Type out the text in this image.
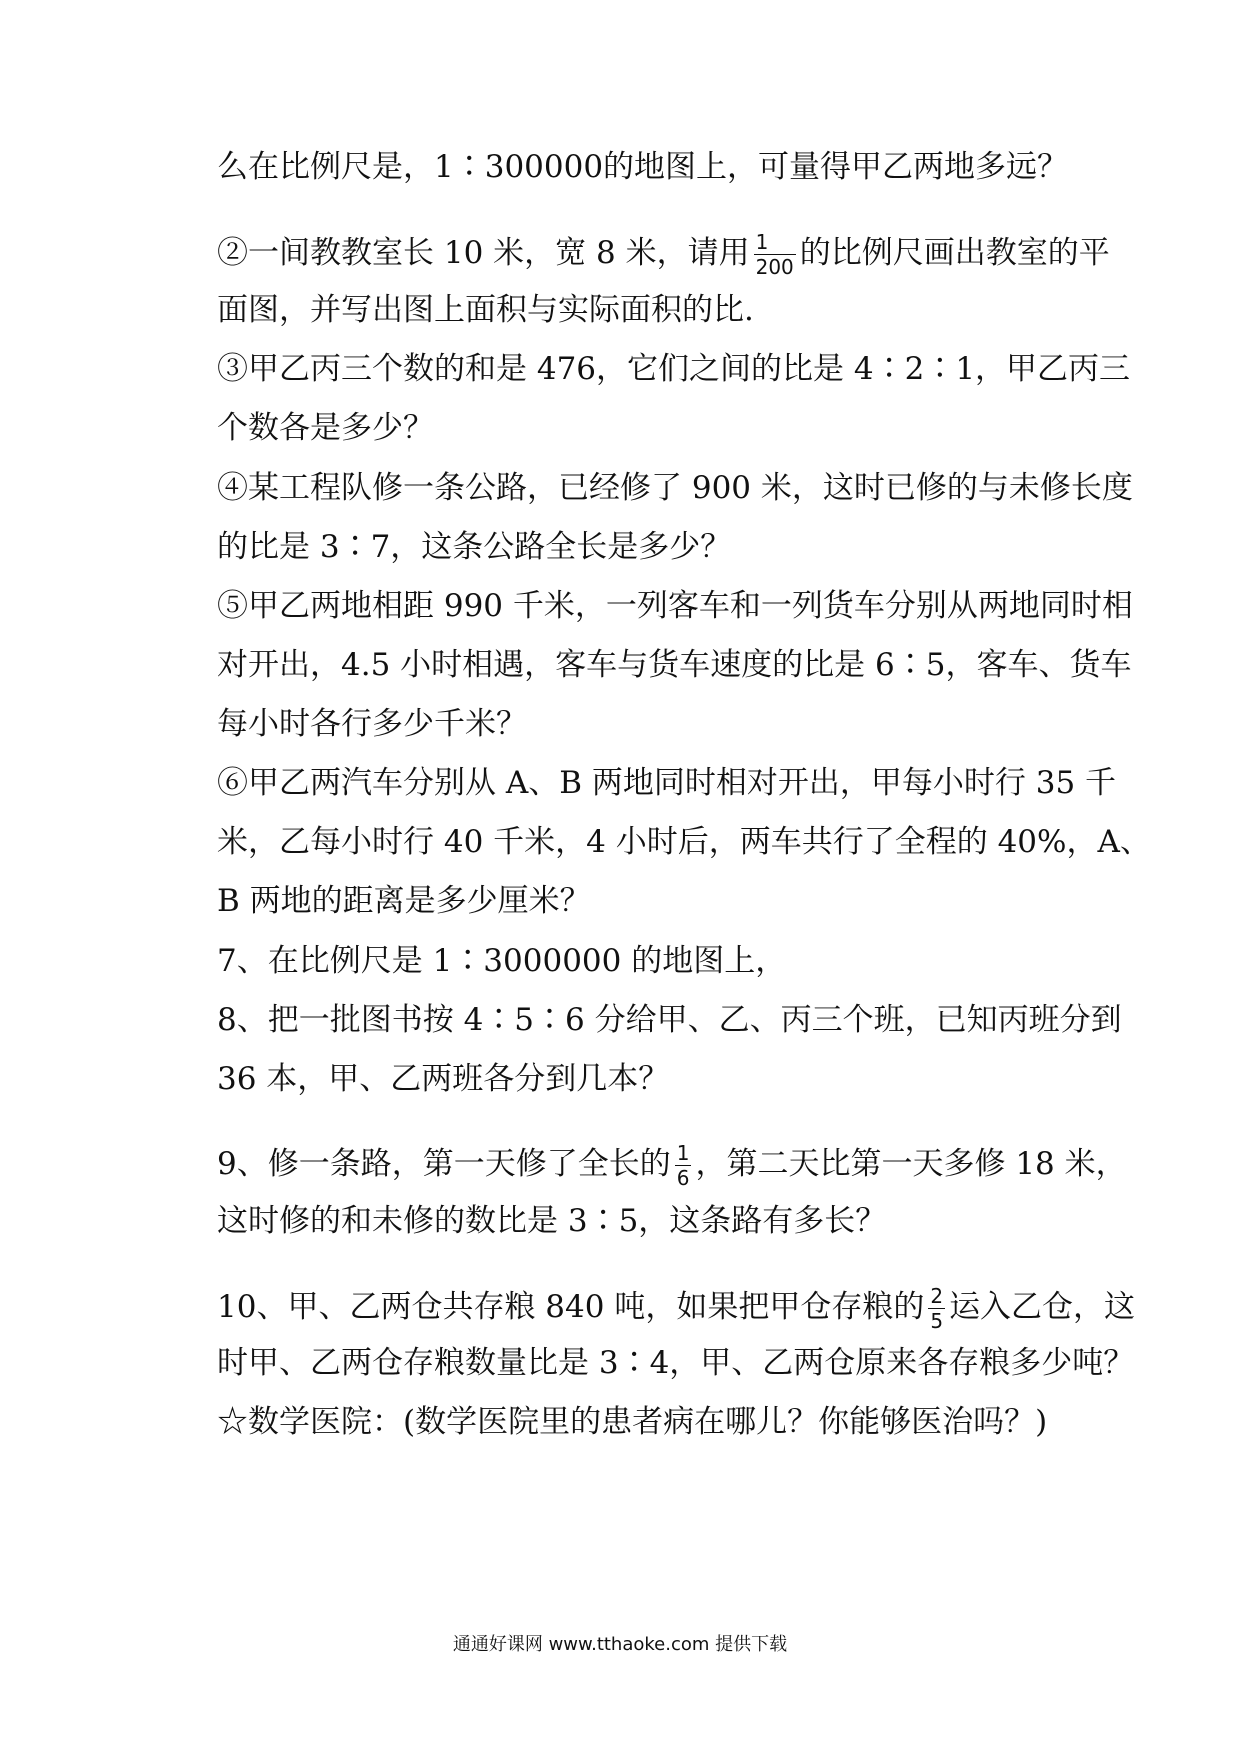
么在比例尺是，1∶300000的地图上，可量得甲乙两地多远？
②一间教教室长 10 米，宽 8 米，请用 $\frac{1}{200}$ 的比例尺画出教室的平
面图，并写出图上面积与实际面积的比.
③甲乙丙三个数的和是 476，它们之间的比是 4∶2∶1，甲乙丙三
个数各是多少？
④某工程队修一条公路，已经修了 900 米，这时已修的与未修长度
的比是 3∶7，这条公路全长是多少？
⑤甲乙两地相距 990 千米，一列客车和一列货车分别从两地同时相
对开出，4.5 小时相遇，客车与货车速度的比是 6∶5，客车、货车
每小时各行多少千米？
⑥甲乙两汽车分别从 A、B 两地同时相对开出，甲每小时行 35 千
米，乙每小时行 40 千米，4 小时后，两车共行了全程的 40%，A、
B 两地的距离是多少厘米？
7、在比例尺是 1∶3000000 的地图上，
8、把一批图书按 4∶5∶6 分给甲、乙、丙三个班，已知丙班分到
36 本，甲、乙两班各分到几本？
9、修一条路，第一天修了全长的 $\frac{1}{6}$ ，第二天比第一天多修 18 米，
这时修的和未修的数比是 3∶5，这条路有多长？
10、甲、乙两仓共存粮 840 吨，如果把甲仓存粮的 $\frac{2}{5}$ 运入乙仓，这
时甲、乙两仓存粮数量比是 3∶4，甲、乙两仓原来各存粮多少吨？
☆数学医院：(数学医院里的患者病在哪儿？你能够医治吗？)
通通好课网 www.tthaoke.com 提供下载
